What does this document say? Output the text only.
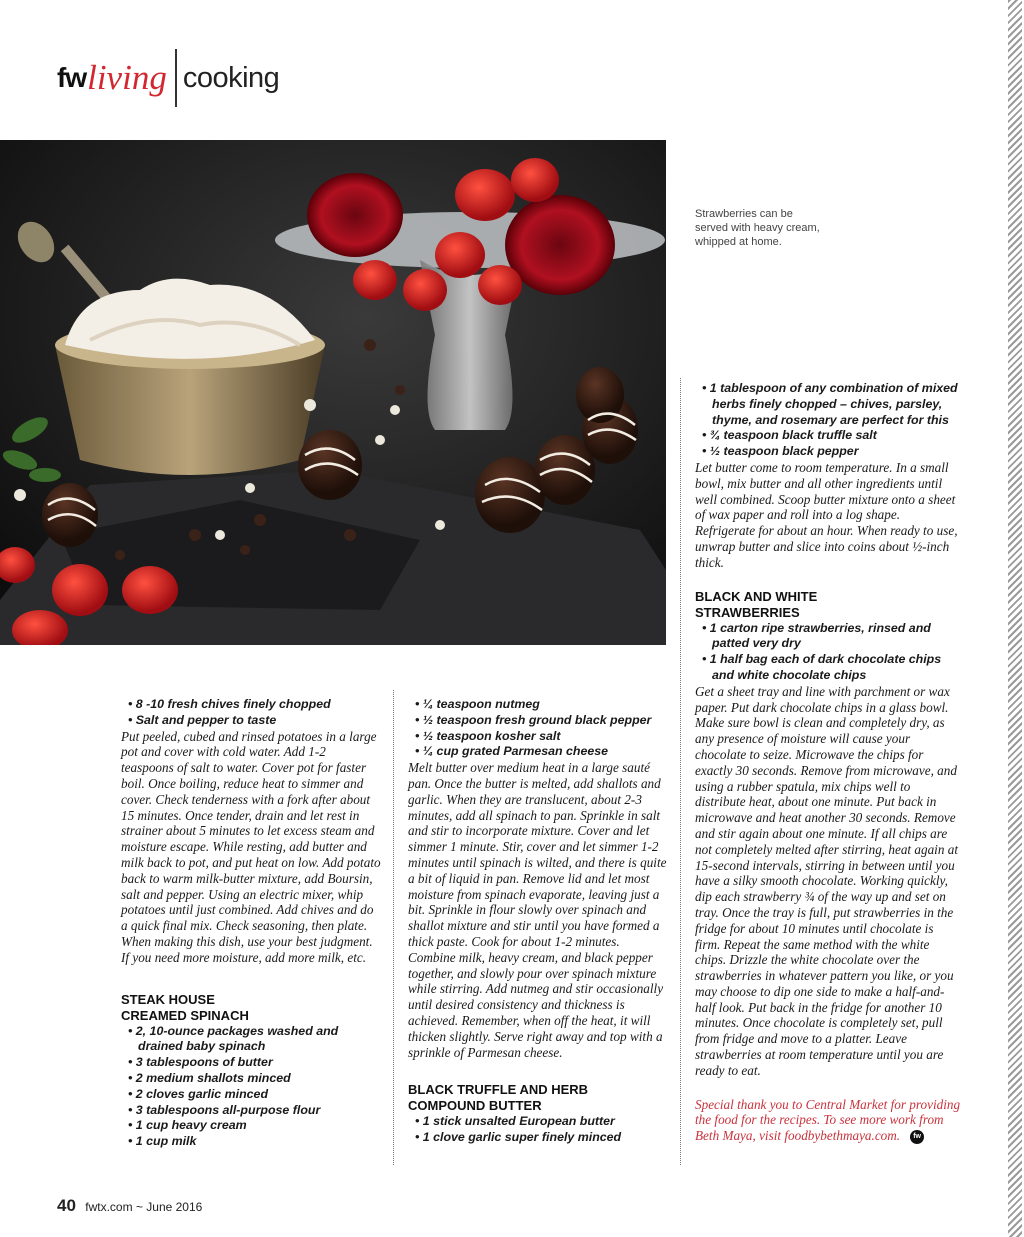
fw living cooking
Strawberries can be
served with heavy cream,
whipped at home.
• 8 -10 fresh chives finely chopped
• Salt and pepper to taste

Put peeled, cubed and rinsed potatoes in a large pot and cover with cold water. Add 1-2 teaspoons of salt to water. Cover pot for faster boil. Once boiling, reduce heat to simmer and cover. Check tenderness with a fork after about 15 minutes. Once tender, drain and let rest in strainer about 5 minutes to let excess steam and moisture escape. While resting, add butter and milk back to pot, and put heat on low. Add potato back to warm milk-butter mixture, add Boursin, salt and pepper. Using an electric mixer, whip potatoes until just combined. Add chives and do a quick final mix. Check seasoning, then plate. When making this dish, use your best judgment. If you need more moisture, add more milk, etc.

STEAK HOUSE CREAMED SPINACH
• 2, 10-ounce packages washed and drained baby spinach
• 3 tablespoons of butter
• 2 medium shallots minced
• 2 cloves garlic minced
• 3 tablespoons all-purpose flour
• 1 cup heavy cream
• 1 cup milk
• ¼ teaspoon nutmeg
• ½ teaspoon fresh ground black pepper
• ½ teaspoon kosher salt
• ¼ cup grated Parmesan cheese

Melt butter over medium heat in a large sauté pan. Once the butter is melted, add shallots and garlic. When they are translucent, about 2-3 minutes, add all spinach to pan. Sprinkle in salt and stir to incorporate mixture. Cover and let simmer 1 minute. Stir, cover and let simmer 1-2 minutes until spinach is wilted, and there is quite a bit of liquid in pan. Remove lid and let most moisture from spinach evaporate, leaving just a bit. Sprinkle in flour slowly over spinach and shallot mixture and stir until you have formed a thick paste. Cook for about 1-2 minutes. Combine milk, heavy cream, and black pepper together, and slowly pour over spinach mixture while stirring. Add nutmeg and stir occasionally until desired consistency and thickness is achieved. Remember, when off the heat, it will thicken slightly. Serve right away and top with a sprinkle of Parmesan cheese.

BLACK TRUFFLE AND HERB COMPOUND BUTTER
• 1 stick unsalted European butter
• 1 clove garlic super finely minced
• 1 tablespoon of any combination of mixed herbs finely chopped – chives, parsley, thyme, and rosemary are perfect for this
• ¾ teaspoon black truffle salt
• ½ teaspoon black pepper

Let butter come to room temperature. In a small bowl, mix butter and all other ingredients until well combined. Scoop butter mixture onto a sheet of wax paper and roll into a log shape. Refrigerate for about an hour. When ready to use, unwrap butter and slice into coins about ½-inch thick.

BLACK AND WHITE STRAWBERRIES
• 1 carton ripe strawberries, rinsed and patted very dry
• 1 half bag each of dark chocolate chips and white chocolate chips

Get a sheet tray and line with parchment or wax paper. Put dark chocolate chips in a glass bowl. Make sure bowl is clean and completely dry, as any presence of moisture will cause your chocolate to seize. Microwave the chips for exactly 30 seconds. Remove from microwave, and using a rubber spatula, mix chips well to distribute heat, about one minute. Put back in microwave and heat another 30 seconds. Remove and stir again about one minute. If all chips are not completely melted after stirring, heat again at 15-second intervals, stirring in between until you have a silky smooth chocolate. Working quickly, dip each strawberry ¾ of the way up and set on tray. Once the tray is full, put strawberries in the fridge for about 10 minutes until chocolate is firm. Repeat the same method with the white chips. Drizzle the white chocolate over the strawberries in whatever pattern you like, or you may choose to dip one side to make a half-and-half look. Put back in the fridge for another 10 minutes. Once chocolate is completely set, pull from fridge and move to a platter. Leave strawberries at room temperature until you are ready to eat.

Special thank you to Central Market for providing the food for the recipes. To see more work from Beth Maya, visit foodbybethmaya.com. fw

40 fwtx.com ~ June 2016
